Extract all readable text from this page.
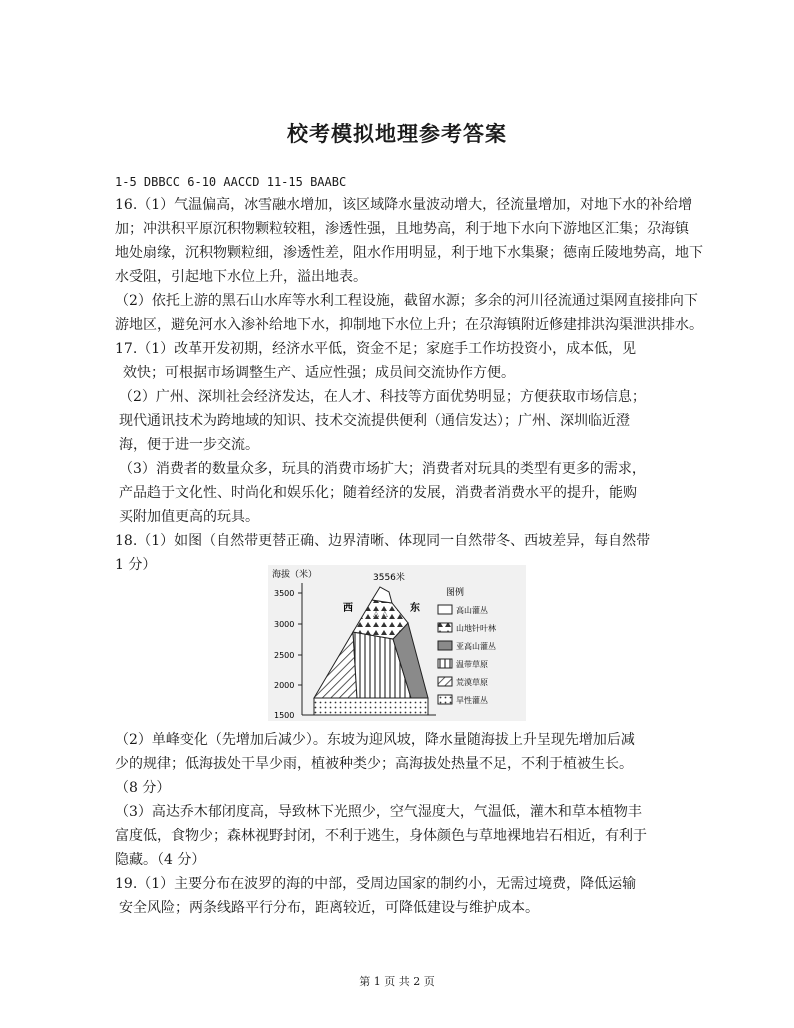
校考模拟地理参考答案
1-5 DBBCC 6-10 AACCD 11-15 BAABC
16.（1）气温偏高，冰雪融水增加，该区域降水量波动增大，径流量增加，对地下水的补给增
加；冲洪积平原沉积物颗粒较粗，渗透性强，且地势高，利于地下水向下游地区汇集；尕海镇
地处扇缘，沉积物颗粒细，渗透性差，阻水作用明显，利于地下水集聚；德南丘陵地势高，地下
水受阻，引起地下水位上升，溢出地表。
（2）依托上游的黑石山水库等水利工程设施，截留水源；多余的河川径流通过渠网直接排向下
游地区，避免河水入渗补给地下水，抑制地下水位上升；在尕海镇附近修建排洪沟渠泄洪排水。
17.（1）改革开发初期，经济水平低，资金不足；家庭手工作坊投资小，成本低，见
效快；可根据市场调整生产、适应性强；成员间交流协作方便。
（2）广州、深圳社会经济发达，在人才、科技等方面优势明显；方便获取市场信息；
现代通讯技术为跨地域的知识、技术交流提供便利（通信发达）；广州、深圳临近澄
海，便于进一步交流。
（3）消费者的数量众多，玩具的消费市场扩大；消费者对玩具的类型有更多的需求，
产品趋于文化性、时尚化和娱乐化；随着经济的发展，消费者消费水平的提升，能购
买附加值更高的玩具。
18.（1）如图（自然带更替正确、边界清晰、体现同一自然带冬、西坡差异，每自然带
1 分）
海拔（米）
3500
3000
2500
2000
1500
△ △
3556米
西	东
图例
高山灌丛
山地针叶林
亚高山灌丛
温带草原
荒漠草原
旱性灌丛
（2）单峰变化（先增加后减少）。东坡为迎风坡，降水量随海拔上升呈现先增加后减
少的规律；低海拔处干旱少雨，植被种类少；高海拔处热量不足，不利于植被生长。
（8 分）
（3）高达乔木郁闭度高，导致林下光照少，空气湿度大，气温低，灌木和草本植物丰
富度低，食物少；森林视野封闭，不利于逃生，身体颜色与草地裸地岩石相近，有利于
隐藏。（4 分）
19.（1）主要分布在波罗的海的中部，受周边国家的制约小，无需过境费，降低运输
安全风险；两条线路平行分布，距离较近，可降低建设与维护成本。
第 1 页 共 2 页
